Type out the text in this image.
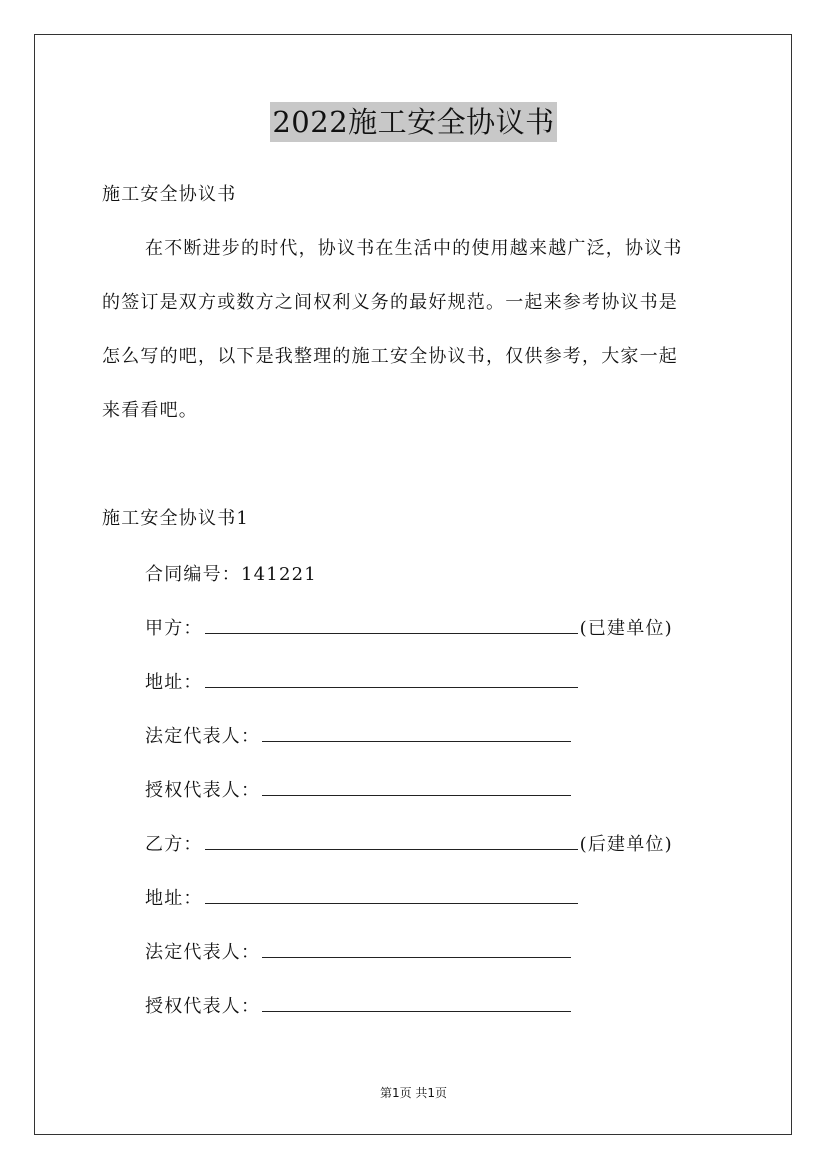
2022施工安全协议书
施工安全协议书
在不断进步的时代，协议书在生活中的使用越来越广泛，协议书
的签订是双方或数方之间权利义务的最好规范。一起来参考协议书是
怎么写的吧，以下是我整理的施工安全协议书，仅供参考，大家一起
来看看吧。
施工安全协议书1
合同编号：141221
甲方：	(已建单位)
地址：
法定代表人：
授权代表人：
乙方：	(后建单位)
地址：
法定代表人：
授权代表人：
第1页 共1页
